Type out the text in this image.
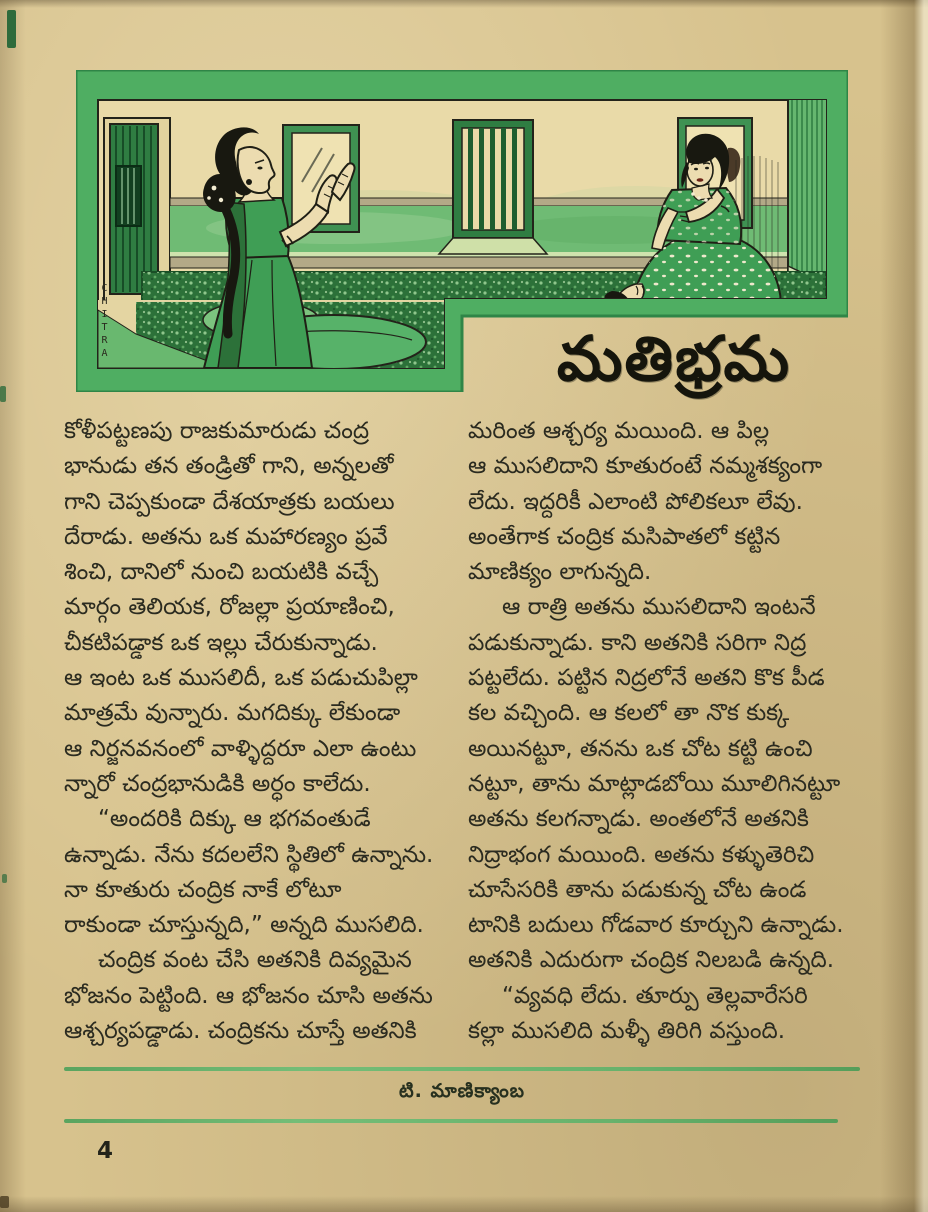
CHITRA	మతిభ్రమ
కోళీపట్టణపు రాజకుమారుడు చంద్ర
భానుడు తన తండ్రితో గాని, అన్నలతో
గాని చెప్పకుండా దేశయాత్రకు బయలు
దేరాడు. అతను ఒక మహారణ్యం ప్రవే
శించి, దానిలో నుంచి బయటికి వచ్చే
మార్గం తెలియక, రోజల్లా ప్రయాణించి,
చీకటిపడ్డాక ఒక ఇల్లు చేరుకున్నాడు.
ఆ ఇంట ఒక ముసలిదీ, ఒక పడుచుపిల్లా
మాత్రమే వున్నారు. మగదిక్కు లేకుండా
ఆ నిర్జనవనంలో వాళ్ళిద్దరూ ఎలా ఉంటు
న్నారో చంద్రభానుడికి అర్ధం కాలేదు.
“అందరికి దిక్కు ఆ భగవంతుడే
ఉన్నాడు. నేను కదలలేని స్థితిలో ఉన్నాను.
నా కూతురు చంద్రిక నాకే లోటూ
రాకుండా చూస్తున్నది,” అన్నది ముసలిది.
చంద్రిక వంట చేసి అతనికి దివ్యమైన
భోజనం పెట్టింది. ఆ భోజనం చూసి అతను
ఆశ్చర్యపడ్డాడు. చంద్రికను చూస్తే అతనికి
మరింత ఆశ్చర్య మయింది. ఆ పిల్ల
ఆ ముసలిదాని కూతురంటే నమ్మశక్యంగా
లేదు. ఇద్దరికీ ఎలాంటి పోలికలూ లేవు.
అంతేగాక చంద్రిక మసిపాతలో కట్టిన
మాణిక్యం లాగున్నది.
ఆ రాత్రి అతను ముసలిదాని ఇంటనే
పడుకున్నాడు. కాని అతనికి సరిగా నిద్ర
పట్టలేదు. పట్టిన నిద్రలోనే అతని కొక పీడ
కల వచ్చింది. ఆ కలలో తా నొక కుక్క
అయినట్టూ, తనను ఒక చోట కట్టి ఉంచి
నట్టూ, తాను మాట్లాడబోయి మూలిగినట్టూ
అతను కలగన్నాడు. అంతలోనే అతనికి
నిద్రాభంగ మయింది. అతను కళ్ళుతెరిచి
చూసేసరికి తాను పడుకున్న చోట ఉండ
టానికి బదులు గోడవార కూర్చుని ఉన్నాడు.
అతనికి ఎదురుగా చంద్రిక నిలబడి ఉన్నది.
“వ్యవధి లేదు. తూర్పు తెల్లవారేసరి
కల్లా ముసలిది మళ్ళీ తిరిగి వస్తుంది.
టి. మాణిక్యాంబ
4
